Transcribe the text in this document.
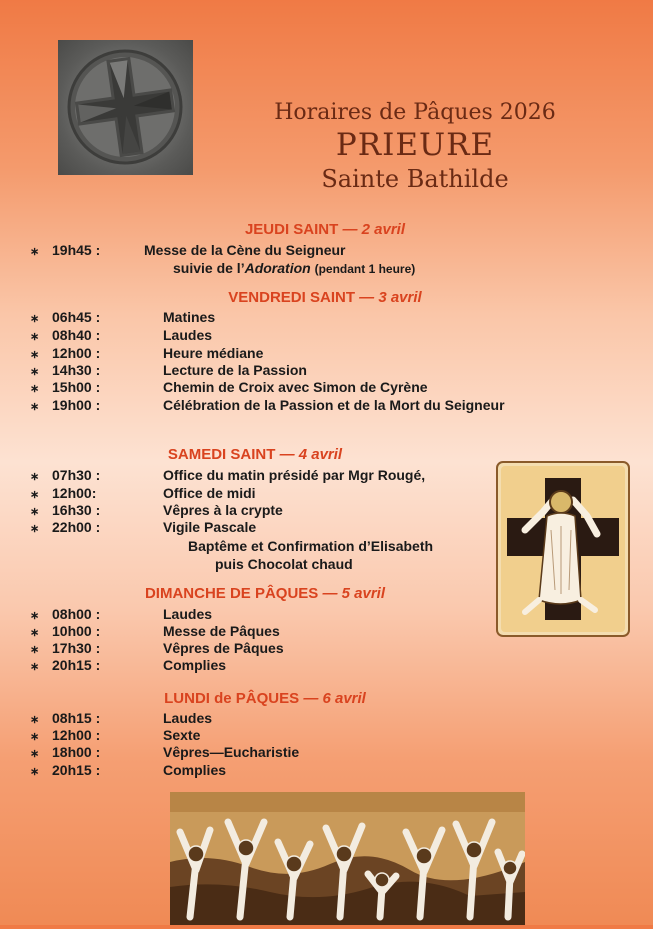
Horaires de Pâques 2026
PRIEURE
Sainte Bathilde
JEUDI SAINT — 2 avril
∗ 19h45 :	Messe de la Cène du Seigneur
suivie de l’Adoration (pendant 1 heure)
VENDREDI SAINT — 3 avril
∗ 06h45 :	Matines
∗ 08h40 :	Laudes
∗ 12h00 :	Heure médiane
∗ 14h30 :	Lecture de la Passion
∗ 15h00 :	Chemin de Croix avec Simon de Cyrène
∗ 19h00 :	Célébration de la Passion et de la Mort du Seigneur
SAMEDI SAINT — 4 avril
∗ 07h30 :	Office du matin présidé par Mgr Rougé,
∗ 12h00:	Office de midi
∗ 16h30 :	Vêpres à la crypte
∗ 22h00 :	Vigile Pascale
Baptême et Confirmation d’Elisabeth
puis Chocolat chaud
DIMANCHE DE PÂQUES — 5 avril
∗ 08h00 :	Laudes
∗ 10h00 :	Messe de Pâques
∗ 17h30 :	Vêpres de Pâques
∗ 20h15 :	Complies
LUNDI de PÂQUES — 6 avril
∗ 08h15 :	Laudes
∗ 12h00 :	Sexte
∗ 18h00 :	Vêpres—Eucharistie
∗ 20h15 :	Complies
